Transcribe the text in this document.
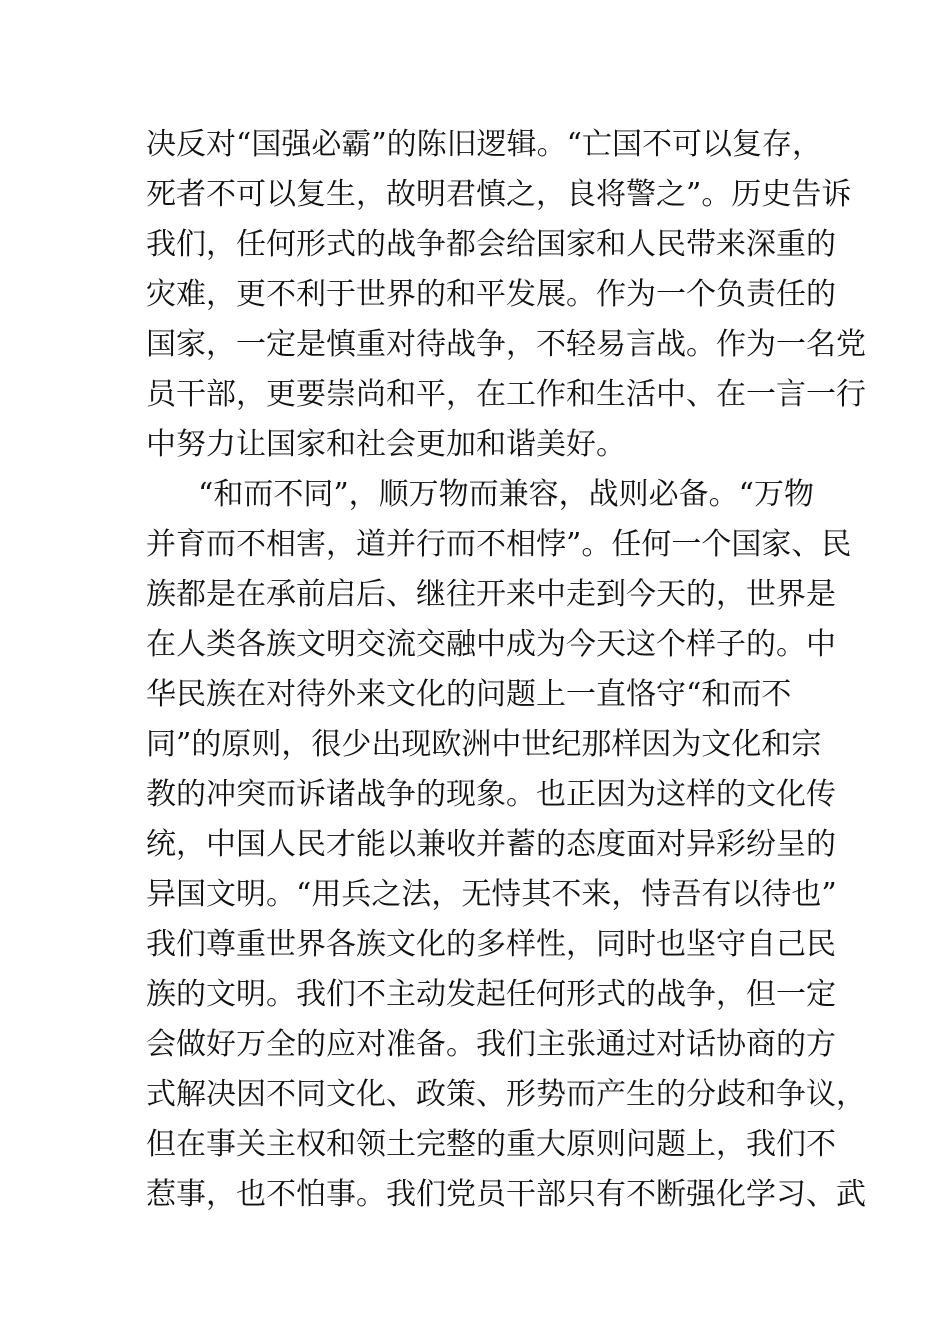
决反对“国强必霸”的陈旧逻辑。“亡国不可以复存，
死者不可以复生，故明君慎之，良将警之”。历史告诉
我们，任何形式的战争都会给国家和人民带来深重的
灾难，更不利于世界的和平发展。作为一个负责任的
国家，一定是慎重对待战争，不轻易言战。作为一名党
员干部，更要崇尚和平，在工作和生活中、在一言一行
中努力让国家和社会更加和谐美好。
“和而不同”，顺万物而兼容，战则必备。“万物
并育而不相害，道并行而不相悖”。任何一个国家、民
族都是在承前启后、继往开来中走到今天的，世界是
在人类各族文明交流交融中成为今天这个样子的。中
华民族在对待外来文化的问题上一直恪守“和而不
同”的原则，很少出现欧洲中世纪那样因为文化和宗
教的冲突而诉诸战争的现象。也正因为这样的文化传
统，中国人民才能以兼收并蓄的态度面对异彩纷呈的
异国文明。“用兵之法，无恃其不来，恃吾有以待也”
我们尊重世界各族文化的多样性，同时也坚守自己民
族的文明。我们不主动发起任何形式的战争，但一定
会做好万全的应对准备。我们主张通过对话协商的方
式解决因不同文化、政策、形势而产生的分歧和争议，
但在事关主权和领土完整的重大原则问题上，我们不
惹事，也不怕事。我们党员干部只有不断强化学习、武
